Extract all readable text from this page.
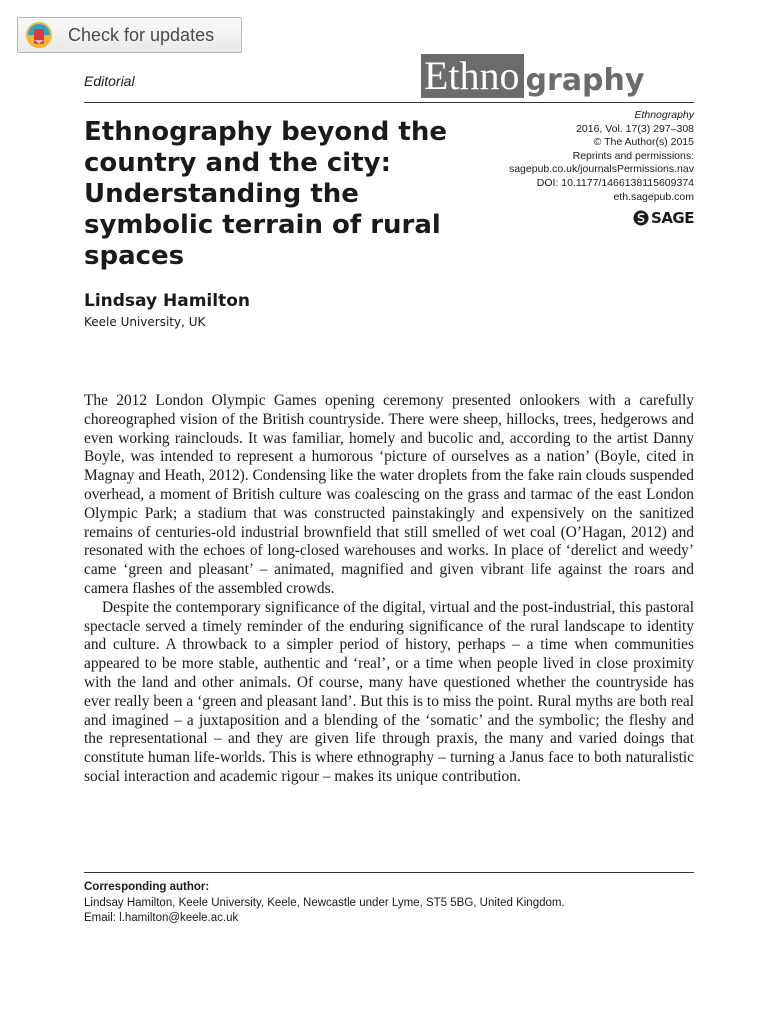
Check for updates
Editorial	Ethno graphy
Ethnography beyond the country and the city: Understanding the symbolic terrain of rural spaces
Lindsay Hamilton
Keele University, UK
Ethnography
2016, Vol. 17(3) 297–308
© The Author(s) 2015
Reprints and permissions:
sagepub.co.uk/journalsPermissions.nav
DOI: 10.1177/1466138115609374
eth.sagepub.com
SAGE

The 2012 London Olympic Games opening ceremony presented onlookers with a carefully choreographed vision of the British countryside. There were sheep, hillocks, trees, hedgerows and even working rainclouds. It was familiar, homely and bucolic and, according to the artist Danny Boyle, was intended to represent a humorous ‘picture of ourselves as a nation’ (Boyle, cited in Magnay and Heath, 2012). Condensing like the water droplets from the fake rain clouds suspended overhead, a moment of British culture was coalescing on the grass and tarmac of the east London Olympic Park; a stadium that was constructed painstakingly and expensively on the sanitized remains of centuries-old industrial brownfield that still smelled of wet coal (O’Hagan, 2012) and resonated with the echoes of long-closed warehouses and works. In place of ‘derelict and weedy’ came ‘green and pleasant’ – animated, magnified and given vibrant life against the roars and camera flashes of the assembled crowds.

Despite the contemporary significance of the digital, virtual and the post-industrial, this pastoral spectacle served a timely reminder of the enduring significance of the rural landscape to identity and culture. A throwback to a simpler period of history, perhaps – a time when communities appeared to be more stable, authentic and ‘real’, or a time when people lived in close proximity with the land and other animals. Of course, many have questioned whether the countryside has ever really been a ‘green and pleasant land’. But this is to miss the point. Rural myths are both real and imagined – a juxtaposition and a blending of the ‘somatic’ and the symbolic; the fleshy and the representational – and they are given life through praxis, the many and varied doings that constitute human life-worlds. This is where ethnography – turning a Janus face to both naturalistic social interaction and academic rigour – makes its unique contribution.

Corresponding author:
Lindsay Hamilton, Keele University, Keele, Newcastle under Lyme, ST5 5BG, United Kingdom.
Email: l.hamilton@keele.ac.uk
